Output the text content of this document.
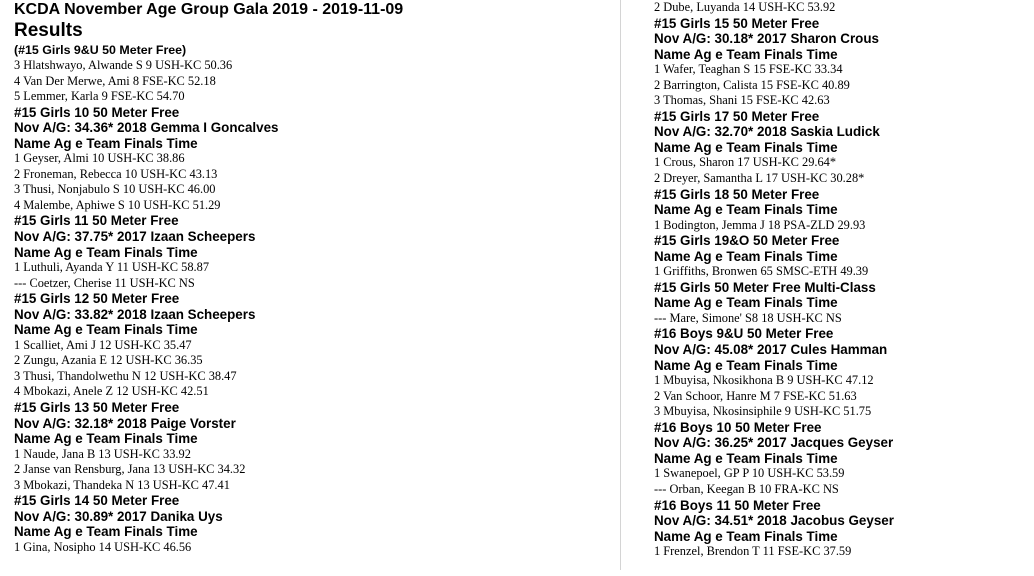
KCDA November Age Group Gala 2019 - 2019-11-09
Results
(#15 Girls 9&U 50 Meter Free)
3 Hlatshwayo, Alwande S 9 USH-KC 50.36
4 Van Der Merwe, Ami 8 FSE-KC 52.18
5 Lemmer, Karla 9 FSE-KC 54.70
#15 Girls 10 50 Meter Free
Nov A/G: 34.36* 2018 Gemma I Goncalves
Name Ag e Team Finals Time
1 Geyser, Almi 10 USH-KC 38.86
2 Froneman, Rebecca 10 USH-KC 43.13
3 Thusi, Nonjabulo S 10 USH-KC 46.00
4 Malembe, Aphiwe S 10 USH-KC 51.29
#15 Girls 11 50 Meter Free
Nov A/G: 37.75* 2017 Izaan Scheepers
Name Ag e Team Finals Time
1 Luthuli, Ayanda Y 11 USH-KC 58.87
--- Coetzer, Cherise 11 USH-KC NS
#15 Girls 12 50 Meter Free
Nov A/G: 33.82* 2018 Izaan Scheepers
Name Ag e Team Finals Time
1 Scalliet, Ami J 12 USH-KC 35.47
2 Zungu, Azania E 12 USH-KC 36.35
3 Thusi, Thandolwethu N 12 USH-KC 38.47
4 Mbokazi, Anele Z 12 USH-KC 42.51
#15 Girls 13 50 Meter Free
Nov A/G: 32.18* 2018 Paige Vorster
Name Ag e Team Finals Time
1 Naude, Jana B 13 USH-KC 33.92
2 Janse van Rensburg, Jana 13 USH-KC 34.32
3 Mbokazi, Thandeka N 13 USH-KC 47.41
#15 Girls 14 50 Meter Free
Nov A/G: 30.89* 2017 Danika Uys
Name Ag e Team Finals Time
1 Gina, Nosipho 14 USH-KC 46.56
2 Dube, Luyanda 14 USH-KC 53.92
#15 Girls 15 50 Meter Free
Nov A/G: 30.18* 2017 Sharon Crous
Name Ag e Team Finals Time
1 Wafer, Teaghan S 15 FSE-KC 33.34
2 Barrington, Calista 15 FSE-KC 40.89
3 Thomas, Shani 15 FSE-KC 42.63
#15 Girls 17 50 Meter Free
Nov A/G: 32.70* 2018 Saskia Ludick
Name Ag e Team Finals Time
1 Crous, Sharon 17 USH-KC 29.64*
2 Dreyer, Samantha L 17 USH-KC 30.28*
#15 Girls 18 50 Meter Free
Name Ag e Team Finals Time
1 Bodington, Jemma J 18 PSA-ZLD 29.93
#15 Girls 19&O 50 Meter Free
Name Ag e Team Finals Time
1 Griffiths, Bronwen 65 SMSC-ETH 49.39
#15 Girls 50 Meter Free Multi-Class
Name Ag e Team Finals Time
--- Mare, Simone' S8 18 USH-KC NS
#16 Boys 9&U 50 Meter Free
Nov A/G: 45.08* 2017 Cules Hamman
Name Ag e Team Finals Time
1 Mbuyisa, Nkosikhona B 9 USH-KC 47.12
2 Van Schoor, Hanre M 7 FSE-KC 51.63
3 Mbuyisa, Nkosinsiphile 9 USH-KC 51.75
#16 Boys 10 50 Meter Free
Nov A/G: 36.25* 2017 Jacques Geyser
Name Ag e Team Finals Time
1 Swanepoel, GP P 10 USH-KC 53.59
--- Orban, Keegan B 10 FRA-KC NS
#16 Boys 11 50 Meter Free
Nov A/G: 34.51* 2018 Jacobus Geyser
Name Ag e Team Finals Time
1 Frenzel, Brendon T 11 FSE-KC 37.59
